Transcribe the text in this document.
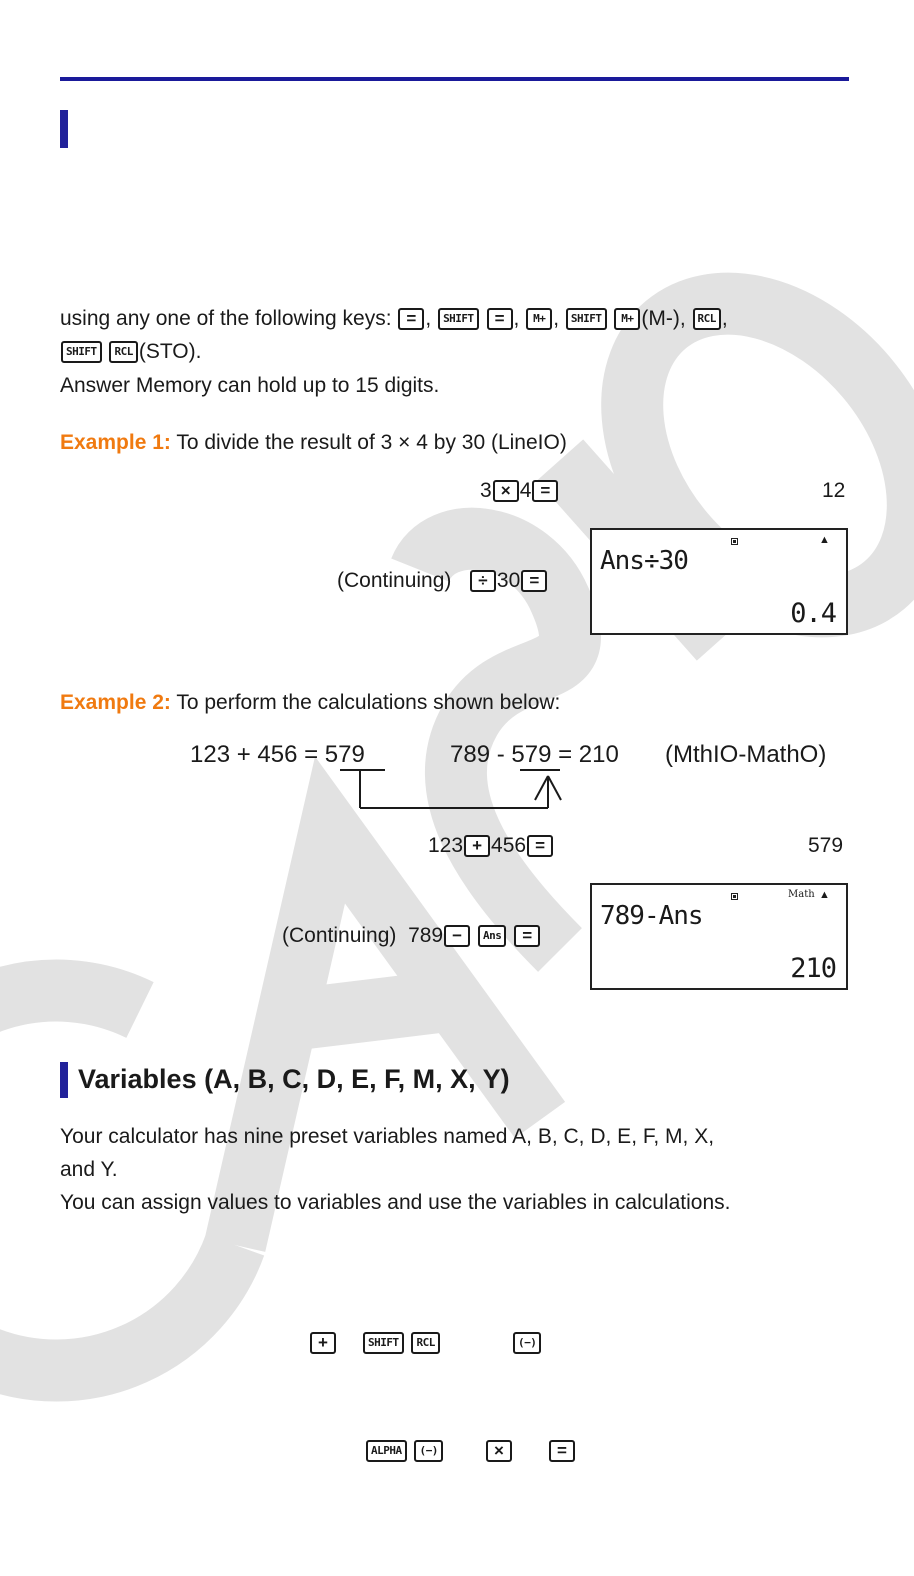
using any one of the following keys: = , SHIFT = , M+ , SHIFT M+ (M-), RCL ,
SHIFT RCL (STO).
Answer Memory can hold up to 15 digits.
Example 1: To divide the result of 3 × 4 by 30 (LineIO)
3 × 4 =	12
(Continuing) ÷ 30 =
▲
Ans÷30
0.4
Example 2: To perform the calculations shown below:
123 + 456 = 579	789 - 579 = 210 (MthIO-MathO)
123 + 456 =	579
(Continuing) 789 − Ans =
Math ▲
789-Ans
210
Variables (A, B, C, D, E, F, M, X, Y)
Your calculator has nine preset variables named A, B, C, D, E, F, M, X,
and Y.
You can assign values to variables and use the variables in calculations.
+	SHIFT RCL	(−)
ALPHA (−)	×	=
